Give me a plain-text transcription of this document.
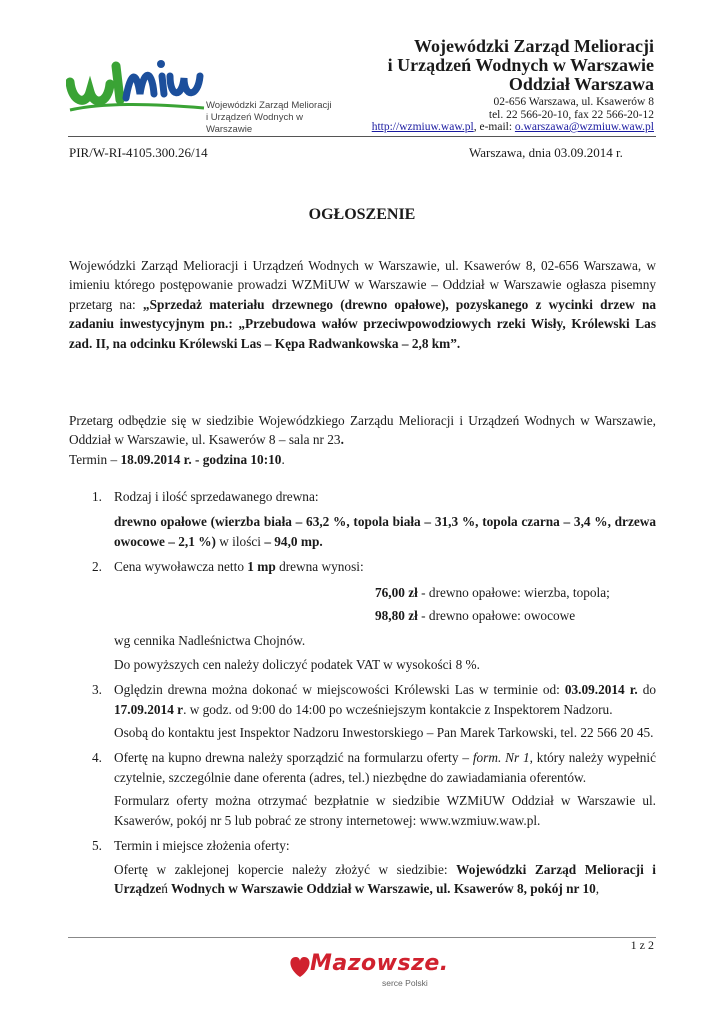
Wojewódzki Zarząd Melioracji
i Urządzeń Wodnych w Warszawie
Wojewódzki Zarząd Melioracji
i Urządzeń Wodnych w Warszawie
Oddział Warszawa
02-656 Warszawa, ul. Ksawerów 8
tel. 22 566-20-10, fax 22 566-20-12
http://wzmiuw.waw.pl, e-mail: o.warszawa@wzmiuw.waw.pl
PIR/W-RI-4105.300.26/14	Warszawa, dnia 03.09.2014 r.
OGŁOSZENIE
Wojewódzki Zarząd Melioracji i Urządzeń Wodnych w Warszawie, ul. Ksawerów 8, 02-656 Warszawa, w imieniu którego postępowanie prowadzi WZMiUW w Warszawie – Oddział w Warszawie ogłasza pisemny przetarg na: „Sprzedaż materiału drzewnego (drewno opałowe), pozyskanego z wycinki drzew na zadaniu inwestycyjnym pn.: „Przebudowa wałów przeciwpowodziowych rzeki Wisły, Królewski Las zad. II, na odcinku Królewski Las – Kępa Radwankowska – 2,8 km”.
Przetarg odbędzie się w siedzibie Wojewódzkiego Zarządu Melioracji i Urządzeń Wodnych w Warszawie, Oddział w Warszawie, ul. Ksawerów 8 – sala nr 23.
Termin – 18.09.2014 r. - godzina 10:10.
1. Rodzaj i ilość sprzedawanego drewna:
drewno opałowe (wierzba biała – 63,2 %, topola biała – 31,3 %, topola czarna – 3,4 %, drzewa owocowe – 2,1 %) w ilości – 94,0 mp.
2. Cena wywoławcza netto 1 mp drewna wynosi:
76,00 zł - drewno opałowe: wierzba, topola;
98,80 zł - drewno opałowe: owocowe
wg cennika Nadleśnictwa Chojnów.
Do powyższych cen należy doliczyć podatek VAT w wysokości 8 %.
3. Oględzin drewna można dokonać w miejscowości Królewski Las w terminie od: 03.09.2014 r. do 17.09.2014 r. w godz. od 9:00 do 14:00 po wcześniejszym kontakcie z Inspektorem Nadzoru.
Osobą do kontaktu jest Inspektor Nadzoru Inwestorskiego – Pan Marek Tarkowski, tel. 22 566 20 45.
4. Ofertę na kupno drewna należy sporządzić na formularzu oferty – form. Nr 1, który należy wypełnić czytelnie, szczególnie dane oferenta (adres, tel.) niezbędne do zawiadamiania oferentów.
Formularz oferty można otrzymać bezpłatnie w siedzibie WZMiUW Oddział w Warszawie ul. Ksawerów, pokój nr 5 lub pobrać ze strony internetowej: www.wzmiuw.waw.pl.
5. Termin i miejsce złożenia oferty:
Ofertę w zaklejonej kopercie należy złożyć w siedzibie: Wojewódzki Zarząd Melioracji i Urządzeń Wodnych w Warszawie Oddział w Warszawie, ul. Ksawerów 8, pokój nr 10,
1 z 2
Mazowsze.
serce Polski
